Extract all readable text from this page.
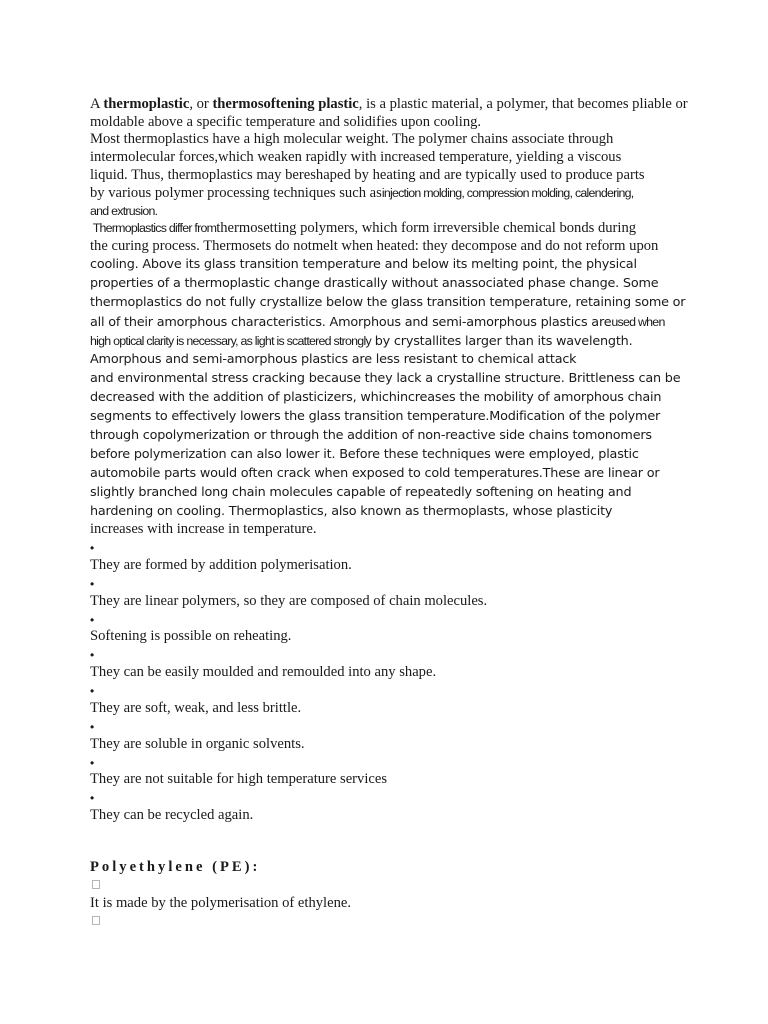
A thermoplastic, or thermosoftening plastic, is a plastic material, a polymer, that becomes pliable or

moldable above a specific temperature and solidifies upon cooling.

Most thermoplastics have a high molecular weight. The polymer chains associate through

intermolecular forces,which weaken rapidly with increased temperature, yielding a viscous

liquid. Thus, thermoplastics may bereshaped by heating and are typically used to produce parts

by various polymer processing techniques such asinjection molding, compression molding, calendering,

and extrusion.

Thermoplastics differ fromthermosetting polymers, which form irreversible chemical bonds during

the curing process. Thermosets do notmelt when heated: they decompose and do not reform upon

cooling. Above its glass transition temperature and below its melting point, the physical

properties of a thermoplastic change drastically without anassociated phase change. Some

thermoplastics do not fully crystallize below the glass transition temperature, retaining some or

all of their amorphous characteristics. Amorphous and semi-amorphous plastics areused when

high optical clarity is necessary, as light is scattered strongly by crystallites larger than its wavelength.

Amorphous and semi-amorphous plastics are less resistant to chemical attack

and environmental stress cracking because they lack a crystalline structure. Brittleness can be

decreased with the addition of plasticizers, whichincreases the mobility of amorphous chain

segments to effectively lowers the glass transition temperature.Modification of the polymer

through copolymerization or through the addition of non-reactive side chains tomonomers

before polymerization can also lower it. Before these techniques were employed, plastic

automobile parts would often crack when exposed to cold temperatures.These are linear or

slightly branched long chain molecules capable of repeatedly softening on heating and

hardening on cooling. Thermoplastics, also known as thermoplasts, whose plasticity

increases with increase in temperature.

•

They are formed by addition polymerisation.

•

They are linear polymers, so they are composed of chain molecules.

•

Softening is possible on reheating.

•

They can be easily moulded and remoulded into any shape.

•

They are soft, weak, and less brittle.

•

They are soluble in organic solvents.

•

They are not suitable for high temperature services

•

They can be recycled again.

Polyethylene (PE):

It is made by the polymerisation of ethylene.
